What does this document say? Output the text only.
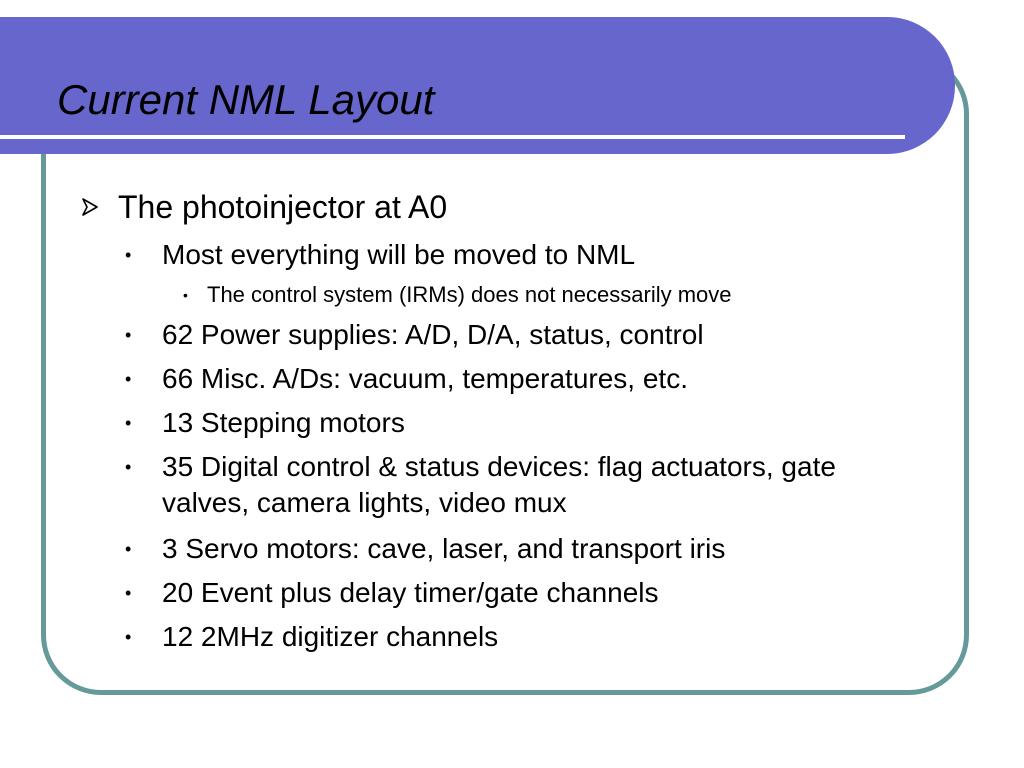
Current NML Layout
The photoinjector at A0
• Most everything will be moved to NML
• The control system (IRMs) does not necessarily move
• 62 Power supplies: A/D, D/A, status, control
• 66 Misc. A/Ds: vacuum, temperatures, etc.
• 13 Stepping motors
• 35 Digital control & status devices: flag actuators, gate valves, camera lights, video mux
• 3 Servo motors: cave, laser, and transport iris
• 20 Event plus delay timer/gate channels
• 12 2MHz digitizer channels
